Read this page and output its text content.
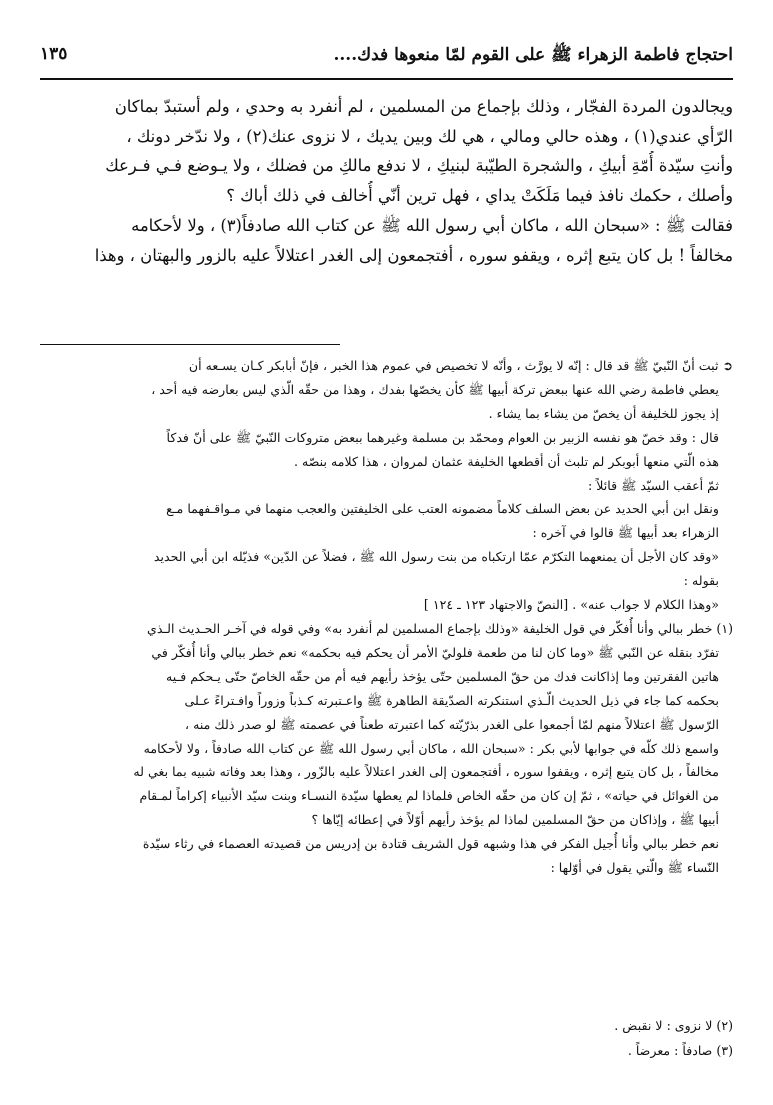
احتجاج فاطمة الزهراء ﷺ على القوم لمّا منعوها فدك....
١٣٥
ويجالدون المردة الفجّار ، وذلك بإجماع من المسلمين ، لم أنفرد به وحدي ، ولم أستبدّ بماكان
الرّأي عندي(١) ، وهذه حالي ومالي ، هي لك وبين يديك ، لا نزوى عنك(٢) ، ولا ندّخر دونك ،
وأنتِ سيّدة أُمّةِ أبيكِ ، والشجرة الطيّبة لبنيكِ ، لا ندفع مالكِ من فضلك ، ولا يـوضع فـي فـرعك
وأصلك ، حكمك نافذ فيما مَلَكَتْ يداي ، فهل ترين أنّي أُخالف في ذلك أباك ؟
فقالت ﷺ : «سبحان الله ، ماكان أبي رسول الله ﷺ عن كتاب الله صادفاً(٣) ، ولا لأحكامه
مخالفاً ! بل كان يتبع إثره ، ويقفو سوره ، أفتجمعون إلى الغدر اعتلالاً عليه بالزور والبهتان ، وهذا
➲ ثبت أنّ النّبيّ ﷺ قد قال : إنّه لا يورَّث ، وأنّه لا تخصيص في عموم هذا الخبر ، فإنّ أبابكر كـان يسـعه أن
يعطي فاطمة رضي الله عنها ببعض تركة أبيها ﷺ كأن يخصّها بفدك ، وهذا من حقّه الّذي ليس بعارضه فيه أحد ،
إذ يجوز للخليفة أن يخصّ من يشاء بما يشاء .
قال : وقد خصّ هو نفسه الزبير بن العوام ومحمّد بن مسلمة وغيرهما ببعض متروكات النّبيّ ﷺ على أنّ فدكاً
هذه الّتي منعها أبوبكر لم تلبث أن أقطعها الخليفة عثمان لمروان ، هذا كلامه بنصّه .
ثمّ أعقب السيّد ﷺ قائلاً :
ونقل ابن أبي الحديد عن بعض السلف كلاماً مضمونه العتب على الخليفتين والعجب منهما في مـواقـفهما مـع
الزهراء بعد أبيها ﷺ قالوا في آخره :
«وقد كان الأجل أن يمنعهما التكرّم عمّا ارتكباه من بنت رسول الله ﷺ ، فضلاً عن الدّين» فذيّله ابن أبي الحديد
بقوله :
«وهذا الكلام لا جواب عنه» . [النصّ والاجتهاد ١٢٣ ـ ١٢٤ ]
(١) خطر ببالي وأنا أُفكّر في قول الخليفة «وذلك بإجماع المسلمين لم أنفرد به» وفي قوله في آخـر الحـديث الـذي
تفرّد بنقله عن النّبي ﷺ «وما كان لنا من طعمة فلوليّ الأمر أن يحكم فيه بحكمه» نعم خطر ببالي وأنا أُفكّر في
هاتين الفقرتين وما إذاكانت فدك من حقّ المسلمين حتّى يؤخذ رأيهم فيه أم من حقّه الخاصّ حتّى يـحكم فـيه
بحكمه كما جاء في ذيل الحديث الّـذي استنكرته الصدّيقة الطاهرة ﷺ واعـتبرته كـذباً وزوراً وافـتراءً عـلى
الرّسول ﷺ اعتلالاً منهم لمّا أجمعوا على الغدر بذرّيّته كما اعتبرته طعناً في عصمته ﷺ لو صدر ذلك منه ،
واسمع ذلك كلّه في جوابها لأبي بكر : «سبحان الله ، ماكان أبي رسول الله ﷺ عن كتاب الله صادفاً ، ولا لأحكامه
مخالفاً ، بل كان يتبع إثره ، ويقفوا سوره ، أفتجمعون إلى الغدر اعتلالاً عليه بالزّور ، وهذا بعد وفاته شبيه بما بغي له
من الغوائل في حياته» ، ثمّ إن كان من حقّه الخاص فلماذا لم يعطها سيّدة النسـاء وبنت سيّد الأنبياء إكراماً لمـقام
أبيها ﷺ ، وإذاكان من حقّ المسلمين لماذا لم يؤخذ رأيهم أوّلاً في إعطائه إيّاها ؟
نعم خطر ببالي وأنا أُجيل الفكر في هذا وشبهه قول الشريف قتادة بن إدريس من قصيدته العصماء في رثاء سيّدة
النّساء ﷺ والّتي يقول في أوّلها :
(٢) لا نزوى : لا نقبض .
(٣) صادفاً : معرضاً .
